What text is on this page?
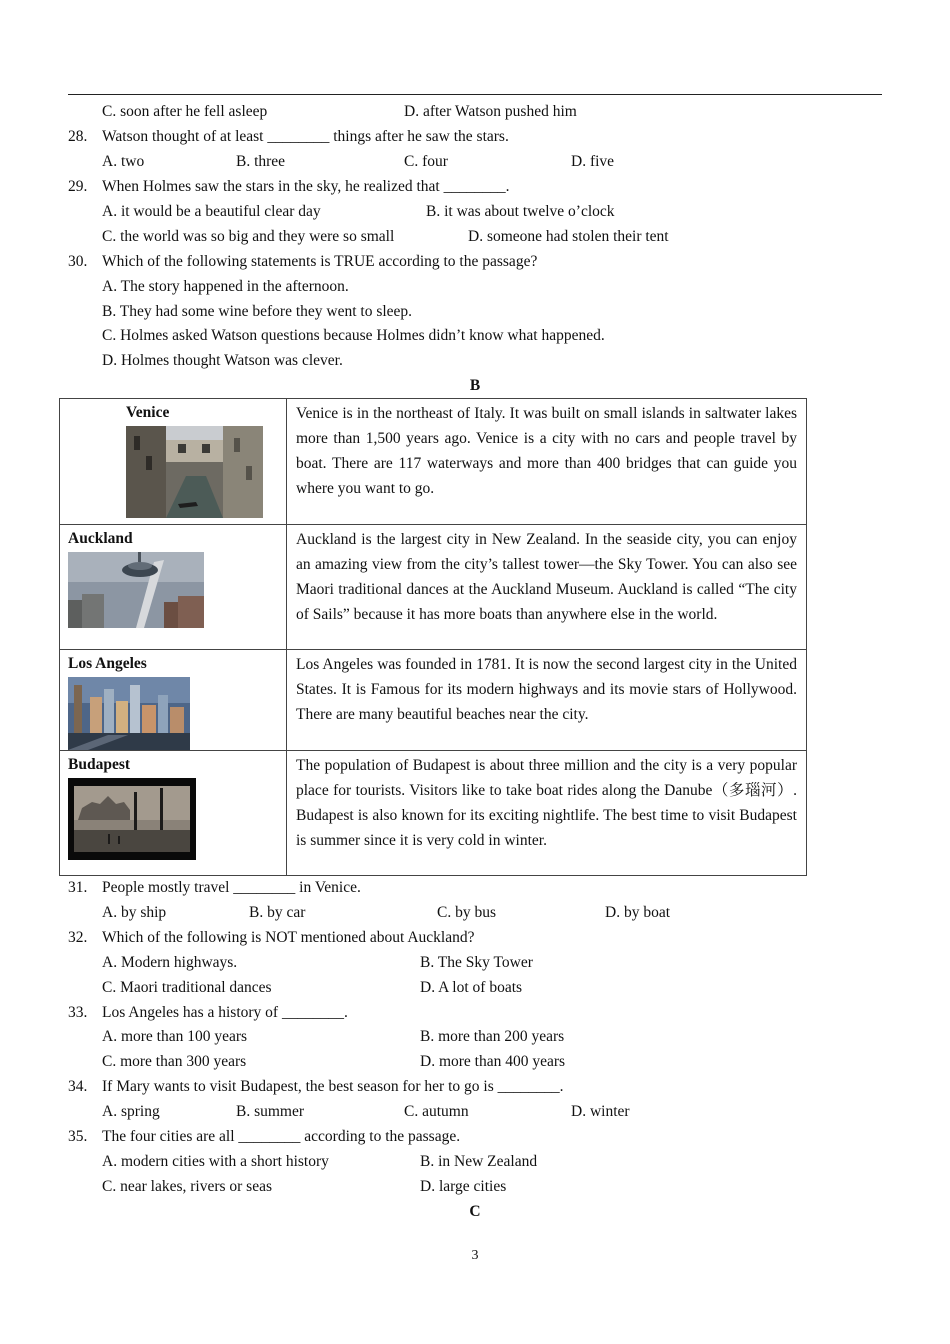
C. soon after he fell asleep	D. after Watson pushed him
28. Watson thought of at least ________ things after he saw the stars.
A. two	B. three	C. four	D. five
29. When Holmes saw the stars in the sky, he realized that ________.
A. it would be a beautiful clear day	B. it was about twelve o’clock
C. the world was so big and they were so small	D. someone had stolen their tent
30. Which of the following statements is TRUE according to the passage?
A. The story happened in the afternoon.
B. They had some wine before they went to sleep.
C. Holmes asked Watson questions because Holmes didn’t know what happened.
D. Holmes thought Watson was clever.
B
Venice	Venice is in the northeast of Italy. It was built on small islands in saltwater lakes more than 1,500 years ago. Venice is a city with no cars and people travel by boat. There are 117 waterways and more than 400 bridges that can guide you where you want to go.

Auckland	Auckland is the largest city in New Zealand. In the seaside city, you can enjoy an amazing view from the city’s tallest tower—the Sky Tower. You can also see Maori traditional dances at the Auckland Museum. Auckland is called “The city of Sails” because it has more boats than anywhere else in the world.

Los Angeles	Los Angeles was founded in 1781. It is now the second largest city in the United States. It is Famous for its modern highways and its movie stars of Hollywood. There are many beautiful beaches near the city.

Budapest	The population of Budapest is about three million and the city is a very popular place for tourists. Visitors like to take boat rides along the Danube（多瑙河）. Budapest is also known for its exciting nightlife. The best time to visit Budapest is summer since it is very cold in winter.
31. People mostly travel ________ in Venice.
A. by ship	B. by car	C. by bus	D. by boat
32. Which of the following is NOT mentioned about Auckland?
A. Modern highways.	B. The Sky Tower
C. Maori traditional dances	D. A lot of boats
33. Los Angeles has a history of ________.
A. more than 100 years	B. more than 200 years
C. more than 300 years	D. more than 400 years
34. If Mary wants to visit Budapest, the best season for her to go is ________.
A. spring	B. summer	C. autumn	D. winter
35. The four cities are all ________ according to the passage.
A. modern cities with a short history	B. in New Zealand
C. near lakes, rivers or seas	D. large cities
C
3
